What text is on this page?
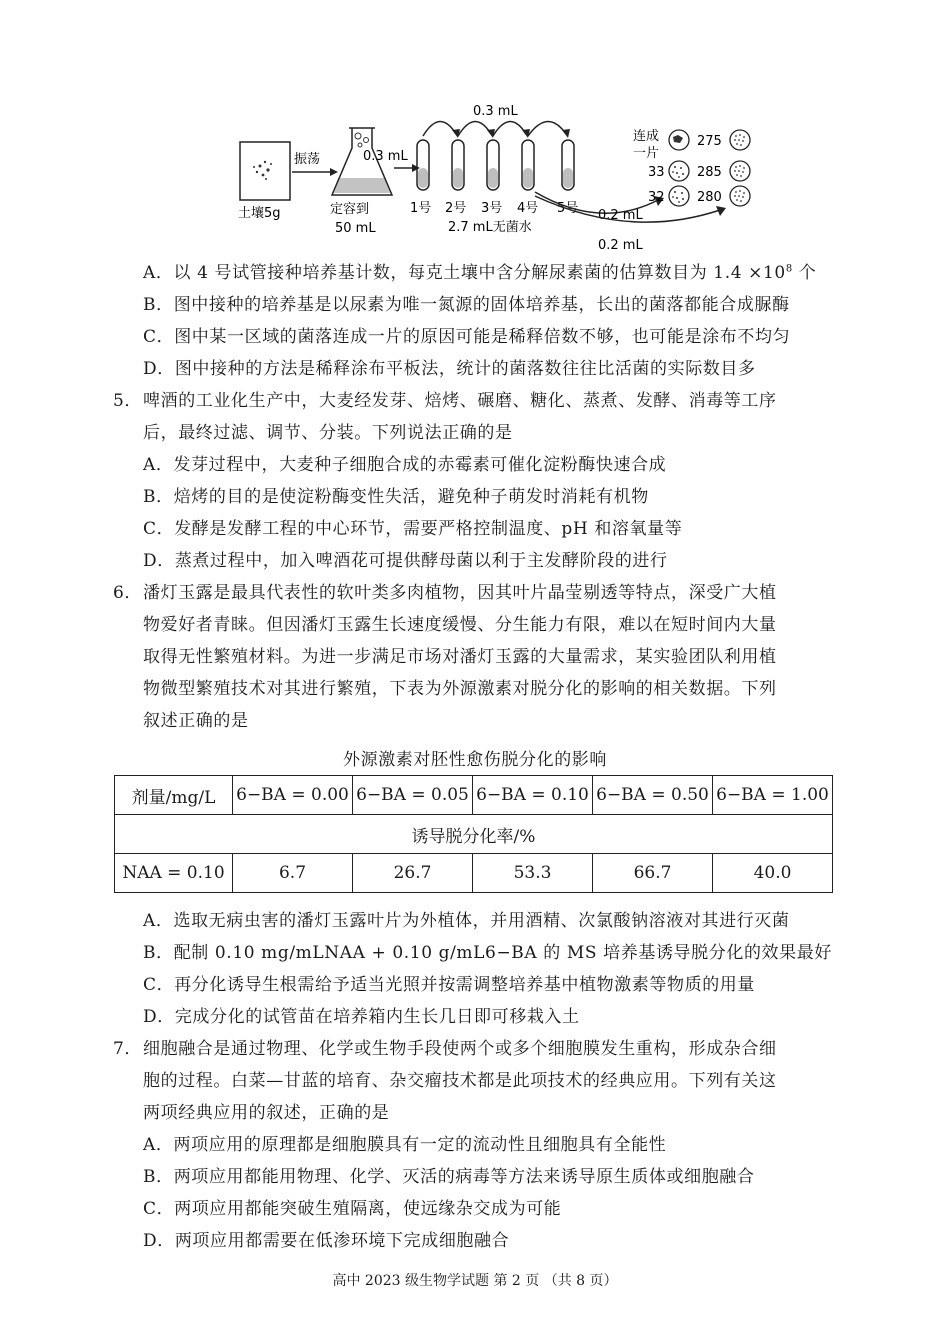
土壤5g
振荡
定容到
50 mL
0.3 mL
0.3 mL
1号 2号 3号 4号 5号
2.7 mL无菌水
0.2 mL
0.2 mL
连成
一片
33
32
275
285
280
A．以 4 号试管接种培养基计数，每克土壤中含分解尿素菌的估算数目为 $1.4 \times 10^8$ 个
B．图中接种的培养基是以尿素为唯一氮源的固体培养基，长出的菌落都能合成脲酶
C．图中某一区域的菌落连成一片的原因可能是稀释倍数不够，也可能是涂布不均匀
D．图中接种的方法是稀释涂布平板法，统计的菌落数往往比活菌的实际数目多
5． 啤酒的工业化生产中，大麦经发芽、焙烤、碾磨、糖化、蒸煮、发酵、消毒等工序
后，最终过滤、调节、分装。下列说法正确的是
A．发芽过程中，大麦种子细胞合成的赤霉素可催化淀粉酶快速合成
B．焙烤的目的是使淀粉酶变性失活，避免种子萌发时消耗有机物
C．发酵是发酵工程的中心环节，需要严格控制温度、pH 和溶氧量等
D．蒸煮过程中，加入啤酒花可提供酵母菌以利于主发酵阶段的进行
6． 潘灯玉露是最具代表性的软叶类多肉植物，因其叶片晶莹剔透等特点，深受广大植
物爱好者青睐。但因潘灯玉露生长速度缓慢、分生能力有限，难以在短时间内大量
取得无性繁殖材料。为进一步满足市场对潘灯玉露的大量需求，某实验团队利用植
物微型繁殖技术对其进行繁殖，下表为外源激素对脱分化的影响的相关数据。下列
叙述正确的是
外源激素对胚性愈伤脱分化的影响
剂量/mg/L	6−BA = 0.00	6−BA = 0.05	6−BA = 0.10	6−BA = 0.50	6−BA = 1.00
诱导脱分化率/%					
NAA = 0.10	6.7	26.7	53.3	66.7	40.0
A．选取无病虫害的潘灯玉露叶片为外植体，并用酒精、次氯酸钠溶液对其进行灭菌
B．配制 0.10 mg/mLNAA + 0.10 g/mL6−BA 的 MS 培养基诱导脱分化的效果最好
C．再分化诱导生根需给予适当光照并按需调整培养基中植物激素等物质的用量
D．完成分化的试管苗在培养箱内生长几日即可移栽入土
7． 细胞融合是通过物理、化学或生物手段使两个或多个细胞膜发生重构，形成杂合细
胞的过程。白菜—甘蓝的培育、杂交瘤技术都是此项技术的经典应用。下列有关这
两项经典应用的叙述，正确的是
A．两项应用的原理都是细胞膜具有一定的流动性且细胞具有全能性
B．两项应用都能用物理、化学、灭活的病毒等方法来诱导原生质体或细胞融合
C．两项应用都能突破生殖隔离，使远缘杂交成为可能
D．两项应用都需要在低渗环境下完成细胞融合
高中 2023 级生物学试题 第 2 页 （共 8 页）
